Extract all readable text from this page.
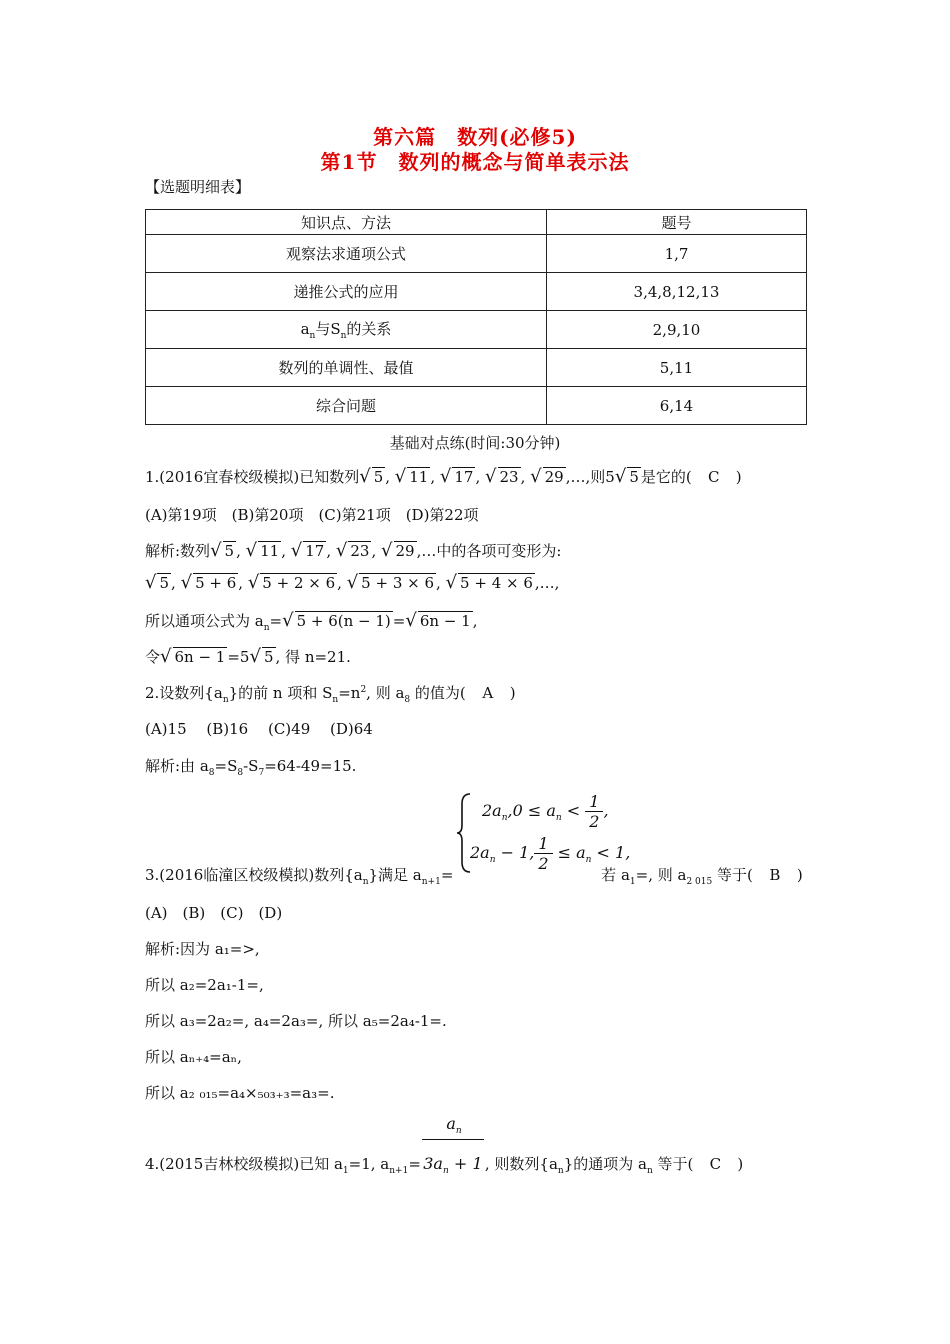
第六篇　数列(必修5)
第1节　数列的概念与简单表示法
【选题明细表】
知识点、方法	题号
观察法求通项公式	1,7
递推公式的应用	3,4,8,12,13
$a_n$与$S_n$的关系	2,9,10
数列的单调性、最值	5,11
综合问题	6,14
基础对点练(时间:30分钟)
1.(2016宜春校级模拟)已知数列√ 5 , √ 11 , √ 17 , √ 23 , √ 29 ,…,则5√ 5 是它的( C )
(A)第19项　(B)第20项　(C)第21项　(D)第22项
解析:数列√ 5 , √ 11 , √ 17 , √ 23 , √ 29 ,…中的各项可变形为:
√ 5 , √ 5 + 6 , √ 5 + 2 × 6 , √ 5 + 3 × 6 , √ 5 + 4 × 6 ,…,
所以通项公式为 $a_n=√$ 5 + 6(n − 1) =√ 6n − 1 ,
令√ 6n − 1 =5√ 5 , 得 n=21.
2.设数列$\{a_n\}$的前 n 项和 $S_n=n^2$, 则 $a_8$ 的值为( A )
(A)15　 (B)16　 (C)49　 (D)64
解析:由 $a_8=S_8-S_7=64-49=15$.
$2a_n,0 \le a_n < \frac{1}{2}$ ,
$2a_n - 1$, $\frac{1}{2} \le a_n < 1$,
3.(2016临潼区校级模拟)数列$\{a_n\}$满足 $a_{n+1}=$	若 $a_1=$, 则 $a_{2 015}$ 等于( B )
(A)　(B)　(C)　(D)
解析:因为 a₁=>,
所以 a₂=2a₁-1=,
所以 a₃=2a₂=, a₄=2a₃=, 所以 a₅=2a₄-1=.
所以 aₙ₊₄=aₙ,
所以 a₂ ₀₁₅=a₄×₅₀₃₊₃=a₃=.
$a_n$
4.(2015吉林校级模拟)已知 $a_1=1$, $a_{n+1}= 3a_n + 1$ , 则数列$\{a_n\}$的通项为 $a_n$ 等于( C )
